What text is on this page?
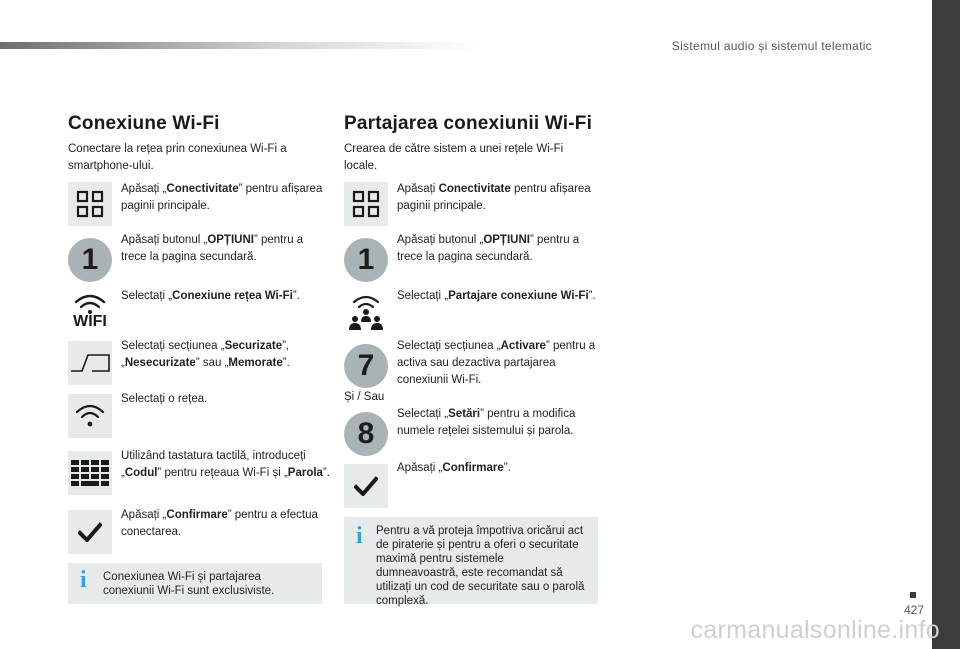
Sistemul audio și sistemul telematic
427
carmanualsonline.info
Conexiune Wi-Fi

Conectare la rețea prin conexiunea Wi-Fi a smartphone-ului.

Apăsați „Conectivitate” pentru afișarea paginii principale.

1

Apăsați butonul „OPȚIUNI” pentru a trece la pagina secundară.

WIFI

Selectați „Conexiune rețea Wi-Fi”.

Selectați secțiunea „Securizate”, „Nesecurizate” sau „Memorate”.

Selectați o rețea.

Utilizând tastatura tactilă, introduceți „Codul” pentru rețeaua Wi-Fi și „Parola”.

Apăsați „Confirmare” pentru a efectua conectarea.

i Conexiunea Wi-Fi și partajarea conexiunii Wi-Fi sunt exclusiviste.

Partajarea conexiunii Wi-Fi

Crearea de către sistem a unei rețele Wi-Fi locale.

Apăsați Conectivitate pentru afișarea paginii principale.

1

Apăsați butonul „OPȚIUNI” pentru a trece la pagina secundară.

Selectați „Partajare conexiune Wi-Fi”.

7

Selectați secțiunea „Activare” pentru a activa sau dezactiva partajarea conexiunii Wi-Fi.

Și / Sau
8

Selectați „Setări” pentru a modifica numele rețelei sistemului și parola.

Apăsați „Confirmare”.

i Pentru a vă proteja împotriva oricărui act de piraterie și pentru a oferi o securitate maximă pentru sistemele dumneavoastră, este recomandat să utilizați un cod de securitate sau o parolă complexă.
